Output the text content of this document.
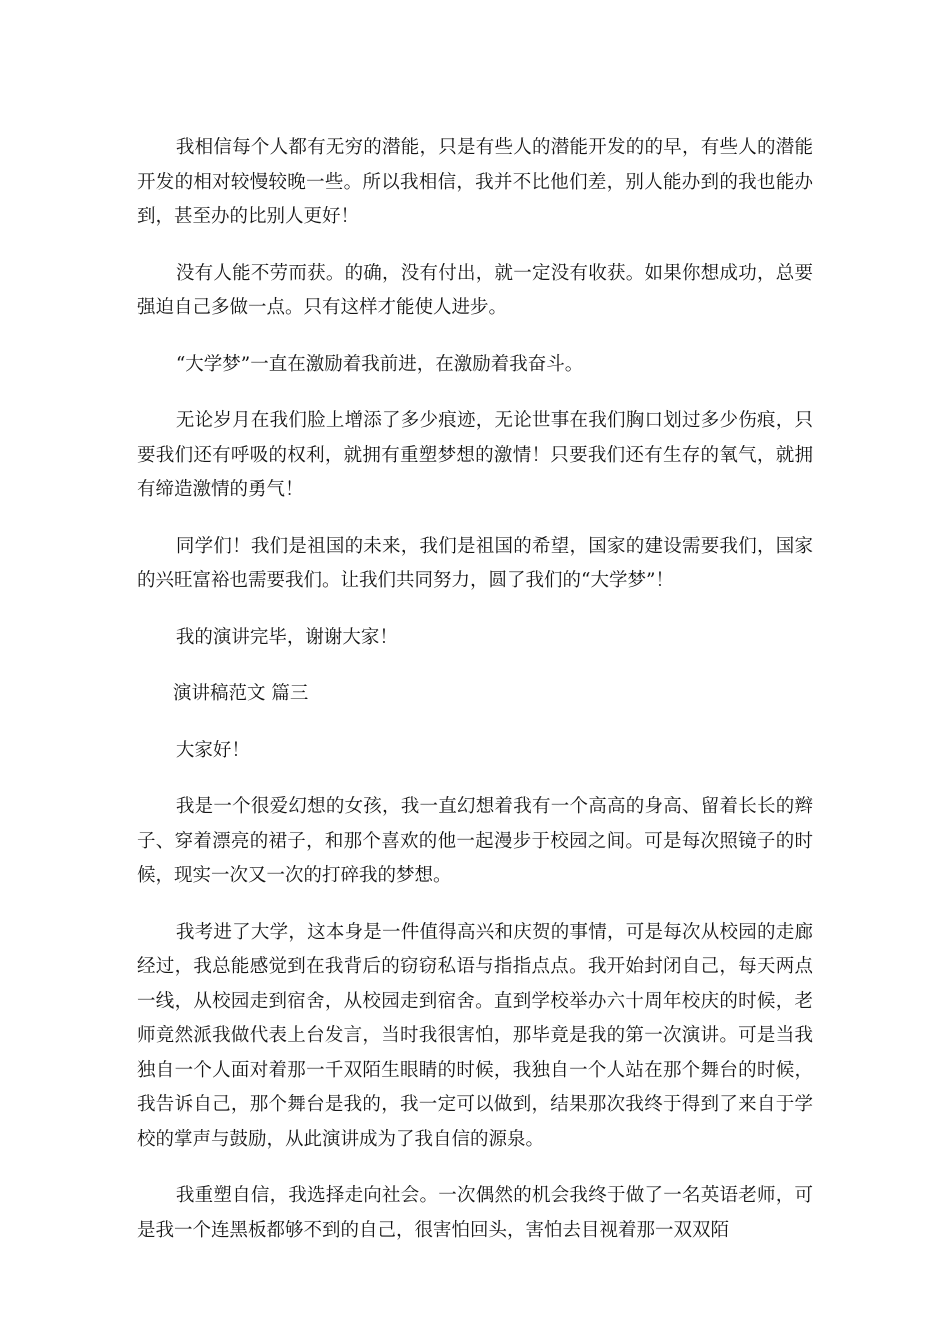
我相信每个人都有无穷的潜能，只是有些人的潜能开发的的早，有些人的潜能开发的相对较慢较晚一些。所以我相信，我并不比他们差，别人能办到的我也能办到，甚至办的比别人更好！

没有人能不劳而获。的确，没有付出，就一定没有收获。如果你想成功，总要强迫自己多做一点。只有这样才能使人进步。

“大学梦”一直在激励着我前进，在激励着我奋斗。

无论岁月在我们脸上增添了多少痕迹，无论世事在我们胸口划过多少伤痕，只要我们还有呼吸的权利，就拥有重塑梦想的激情！只要我们还有生存的氧气，就拥有缔造激情的勇气！

同学们！我们是祖国的未来，我们是祖国的希望，国家的建设需要我们，国家的兴旺富裕也需要我们。让我们共同努力，圆了我们的“大学梦”！

我的演讲完毕，谢谢大家！

演讲稿范文 篇三

大家好！

我是一个很爱幻想的女孩，我一直幻想着我有一个高高的身高、留着长长的辫子、穿着漂亮的裙子，和那个喜欢的他一起漫步于校园之间。可是每次照镜子的时候，现实一次又一次的打碎我的梦想。

我考进了大学，这本身是一件值得高兴和庆贺的事情，可是每次从校园的走廊经过，我总能感觉到在我背后的窃窃私语与指指点点。我开始封闭自己，每天两点一线，从校园走到宿舍，从校园走到宿舍。直到学校举办六十周年校庆的时候，老师竟然派我做代表上台发言，当时我很害怕，那毕竟是我的第一次演讲。可是当我独自一个人面对着那一千双陌生眼睛的时候，我独自一个人站在那个舞台的时候，我告诉自己，那个舞台是我的，我一定可以做到，结果那次我终于得到了来自于学校的掌声与鼓励，从此演讲成为了我自信的源泉。

我重塑自信，我选择走向社会。一次偶然的机会我终于做了一名英语老师，可是我一个连黑板都够不到的自己，很害怕回头，害怕去目视着那一双双陌
